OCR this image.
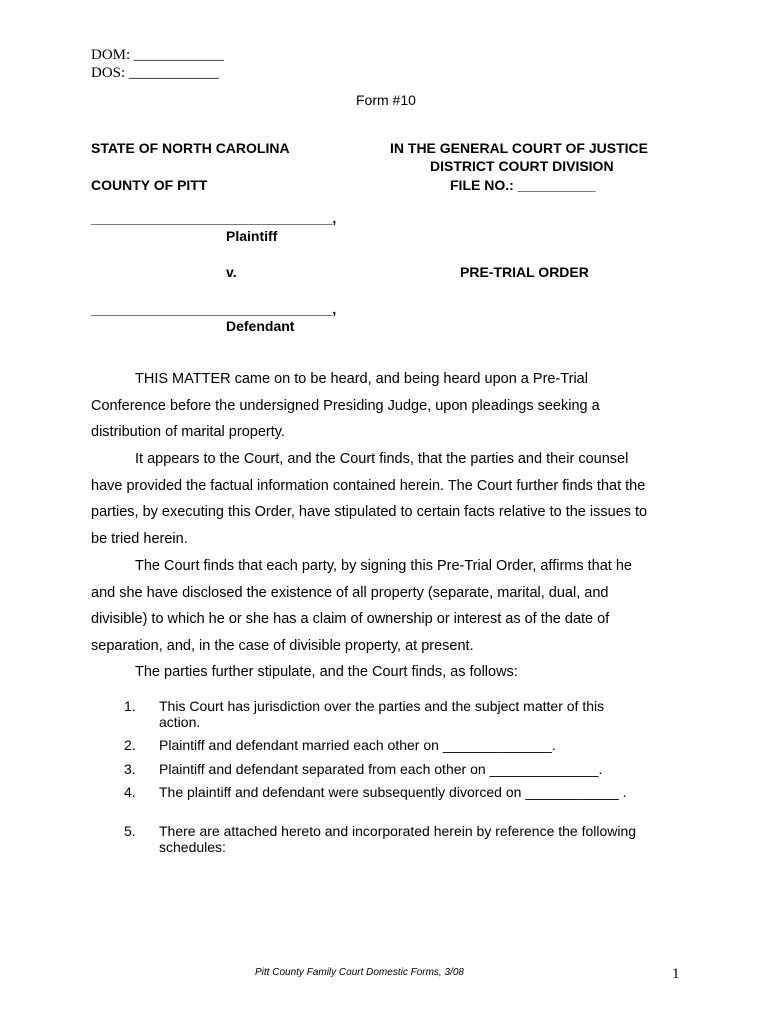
DOM: ____________
DOS: ____________
Form #10
STATE OF NORTH CAROLINA
COUNTY OF PITT
IN THE GENERAL COURT OF JUSTICE
DISTRICT COURT DIVISION
FILE NO.: __________
_______________________________,
Plaintiff
v.	PRE-TRIAL ORDER
_______________________________,
Defendant
THIS MATTER came on to be heard, and being heard upon a Pre-Trial
Conference before the undersigned Presiding Judge, upon pleadings seeking a
distribution of marital property.
It appears to the Court, and the Court finds, that the parties and their counsel
have provided the factual information contained herein. The Court further finds that the
parties, by executing this Order, have stipulated to certain facts relative to the issues to
be tried herein.
The Court finds that each party, by signing this Pre-Trial Order, affirms that he
and she have disclosed the existence of all property (separate, marital, dual, and
divisible) to which he or she has a claim of ownership or interest as of the date of
separation, and, in the case of divisible property, at present.
The parties further stipulate, and the Court finds, as follows:
1.	This Court has jurisdiction over the parties and the subject matter of this action.
2.	Plaintiff and defendant married each other on ______________.
3.	Plaintiff and defendant separated from each other on ______________.
4.	The plaintiff and defendant were subsequently divorced on ____________ .
5.	There are attached hereto and incorporated herein by reference the following schedules:
Pitt County Family Court Domestic Forms, 3/08	1
